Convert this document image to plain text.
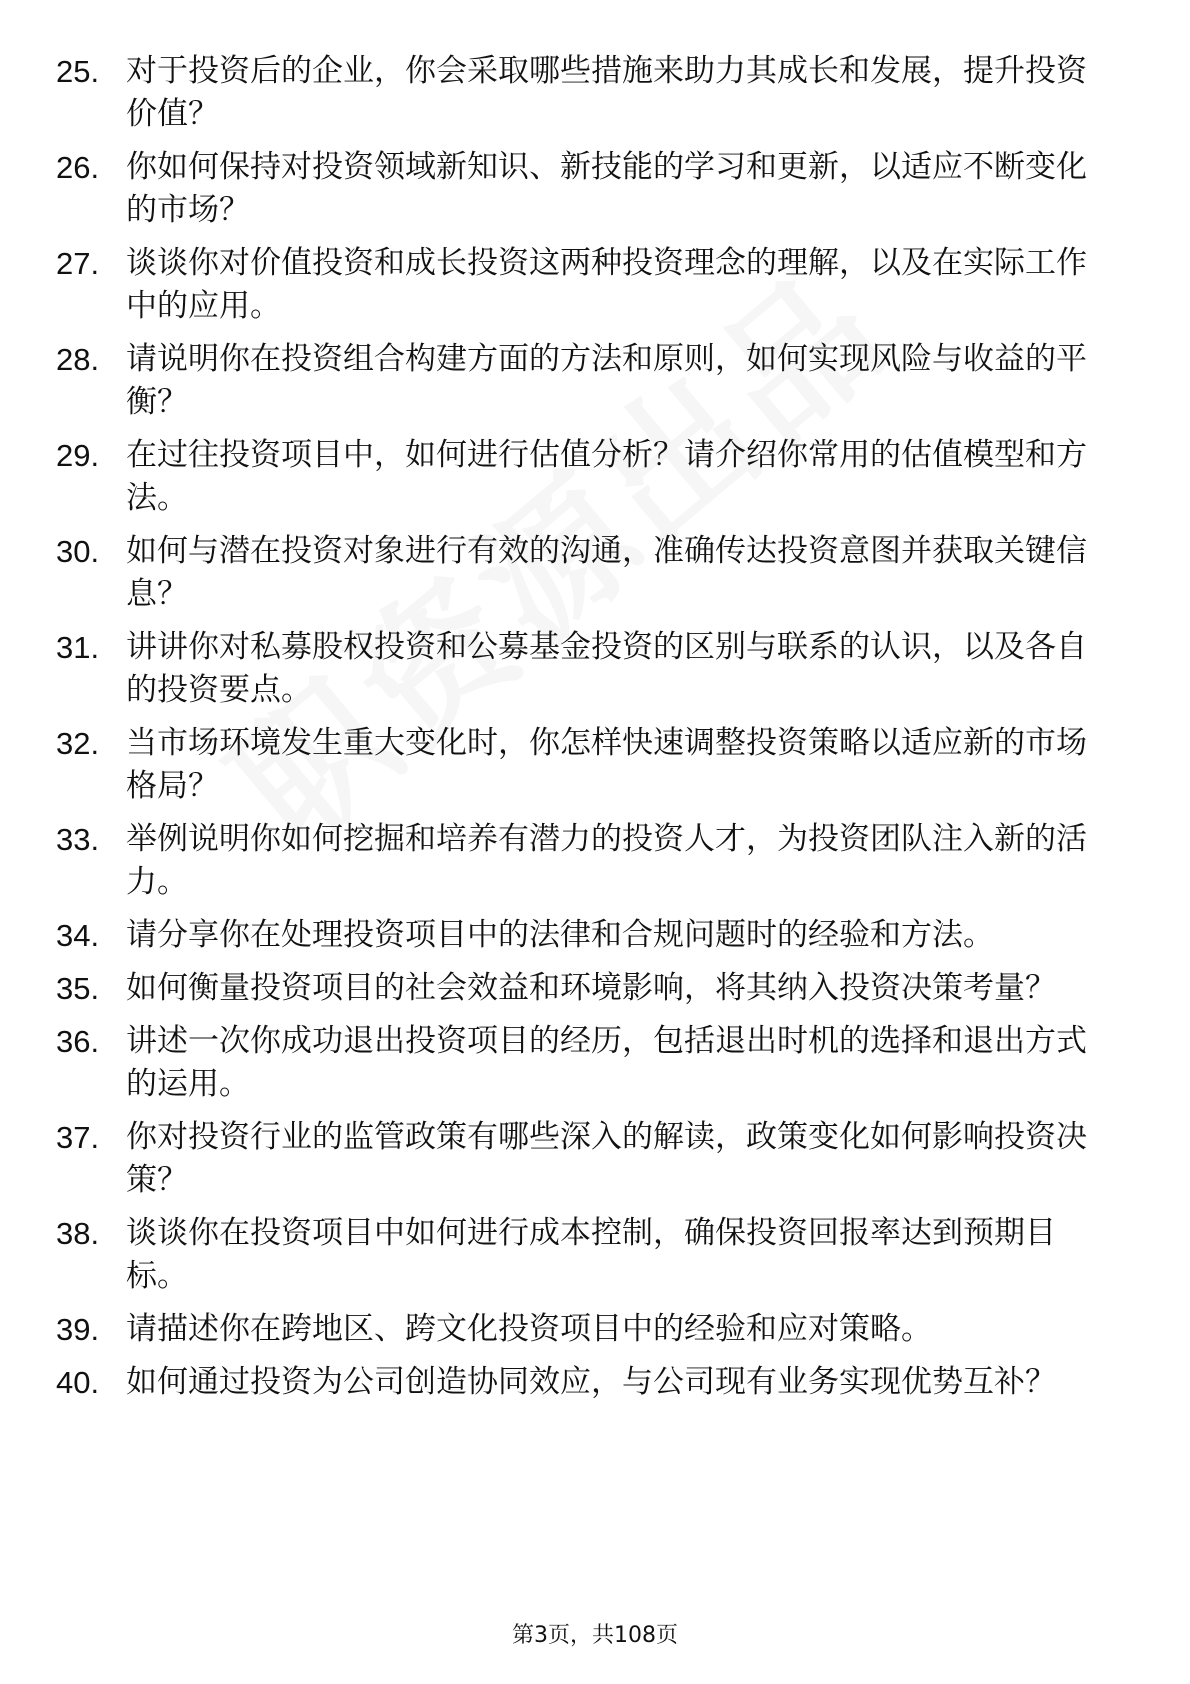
25. 对于投资后的企业，你会采取哪些措施来助力其成长和发展，提升投资价值？
26. 你如何保持对投资领域新知识、新技能的学习和更新，以适应不断变化的市场？
27. 谈谈你对价值投资和成长投资这两种投资理念的理解，以及在实际工作中的应用。
28. 请说明你在投资组合构建方面的方法和原则，如何实现风险与收益的平衡？
29. 在过往投资项目中，如何进行估值分析？请介绍你常用的估值模型和方法。
30. 如何与潜在投资对象进行有效的沟通，准确传达投资意图并获取关键信息？
31. 讲讲你对私募股权投资和公募基金投资的区别与联系的认识，以及各自的投资要点。
32. 当市场环境发生重大变化时，你怎样快速调整投资策略以适应新的市场格局？
33. 举例说明你如何挖掘和培养有潜力的投资人才，为投资团队注入新的活力。
34. 请分享你在处理投资项目中的法律和合规问题时的经验和方法。
35. 如何衡量投资项目的社会效益和环境影响，将其纳入投资决策考量？
36. 讲述一次你成功退出投资项目的经历，包括退出时机的选择和退出方式的运用。
37. 你对投资行业的监管政策有哪些深入的解读，政策变化如何影响投资决策？
38. 谈谈你在投资项目中如何进行成本控制，确保投资回报率达到预期目标。
39. 请描述你在跨地区、跨文化投资项目中的经验和应对策略。
40. 如何通过投资为公司创造协同效应，与公司现有业务实现优势互补？
第3页，共108页
